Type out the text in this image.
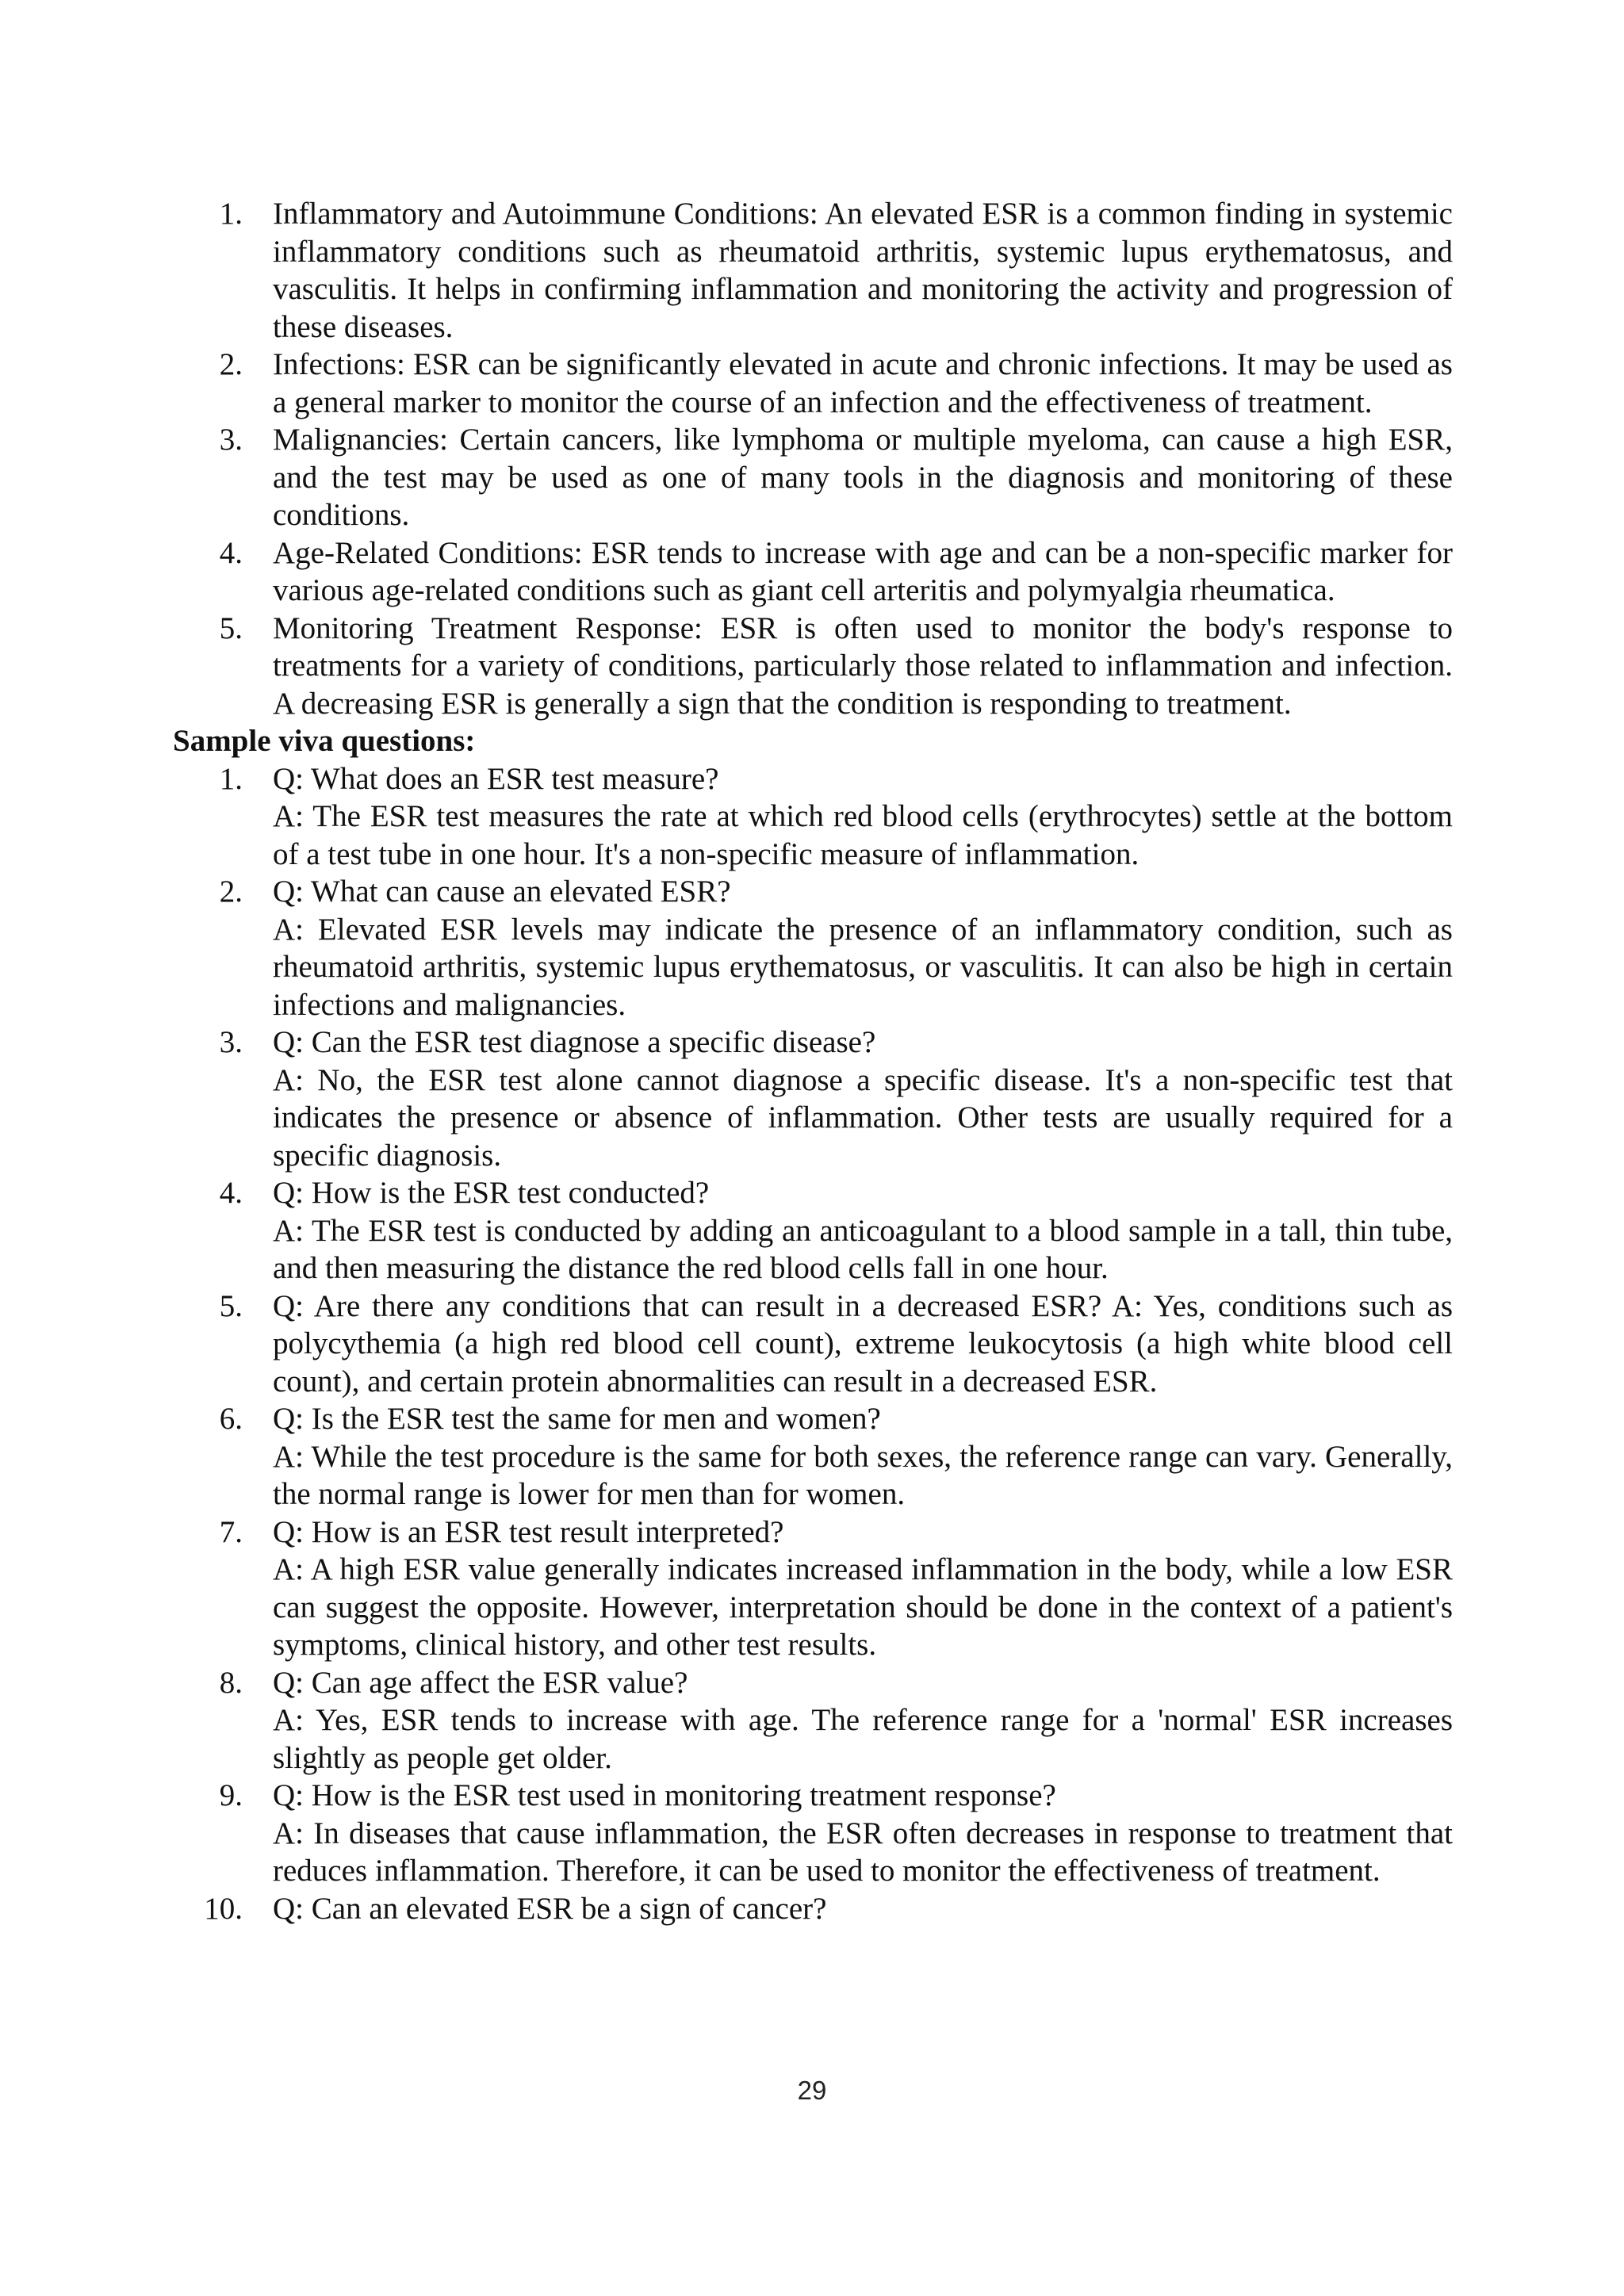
1. Inflammatory and Autoimmune Conditions: An elevated ESR is a common finding in systemic inflammatory conditions such as rheumatoid arthritis, systemic lupus erythematosus, and vasculitis. It helps in confirming inflammation and monitoring the activity and progression of these diseases.
2. Infections: ESR can be significantly elevated in acute and chronic infections. It may be used as a general marker to monitor the course of an infection and the effectiveness of treatment.
3. Malignancies: Certain cancers, like lymphoma or multiple myeloma, can cause a high ESR, and the test may be used as one of many tools in the diagnosis and monitoring of these conditions.
4. Age-Related Conditions: ESR tends to increase with age and can be a non-specific marker for various age-related conditions such as giant cell arteritis and polymyalgia rheumatica.
5. Monitoring Treatment Response: ESR is often used to monitor the body's response to treatments for a variety of conditions, particularly those related to inflammation and infection. A decreasing ESR is generally a sign that the condition is responding to treatment.
Sample viva questions:
1. Q: What does an ESR test measure?
A: The ESR test measures the rate at which red blood cells (erythrocytes) settle at the bottom of a test tube in one hour. It's a non-specific measure of inflammation.
2. Q: What can cause an elevated ESR?
A: Elevated ESR levels may indicate the presence of an inflammatory condition, such as rheumatoid arthritis, systemic lupus erythematosus, or vasculitis. It can also be high in certain infections and malignancies.
3. Q: Can the ESR test diagnose a specific disease?
A: No, the ESR test alone cannot diagnose a specific disease. It's a non-specific test that indicates the presence or absence of inflammation. Other tests are usually required for a specific diagnosis.
4. Q: How is the ESR test conducted?
A: The ESR test is conducted by adding an anticoagulant to a blood sample in a tall, thin tube, and then measuring the distance the red blood cells fall in one hour.
5. Q: Are there any conditions that can result in a decreased ESR? A: Yes, conditions such as polycythemia (a high red blood cell count), extreme leukocytosis (a high white blood cell count), and certain protein abnormalities can result in a decreased ESR.
6. Q: Is the ESR test the same for men and women?
A: While the test procedure is the same for both sexes, the reference range can vary. Generally, the normal range is lower for men than for women.
7. Q: How is an ESR test result interpreted?
A: A high ESR value generally indicates increased inflammation in the body, while a low ESR can suggest the opposite. However, interpretation should be done in the context of a patient's symptoms, clinical history, and other test results.
8. Q: Can age affect the ESR value?
A: Yes, ESR tends to increase with age. The reference range for a 'normal' ESR increases slightly as people get older.
9. Q: How is the ESR test used in monitoring treatment response?
A: In diseases that cause inflammation, the ESR often decreases in response to treatment that reduces inflammation. Therefore, it can be used to monitor the effectiveness of treatment.
10. Q: Can an elevated ESR be a sign of cancer?
29
